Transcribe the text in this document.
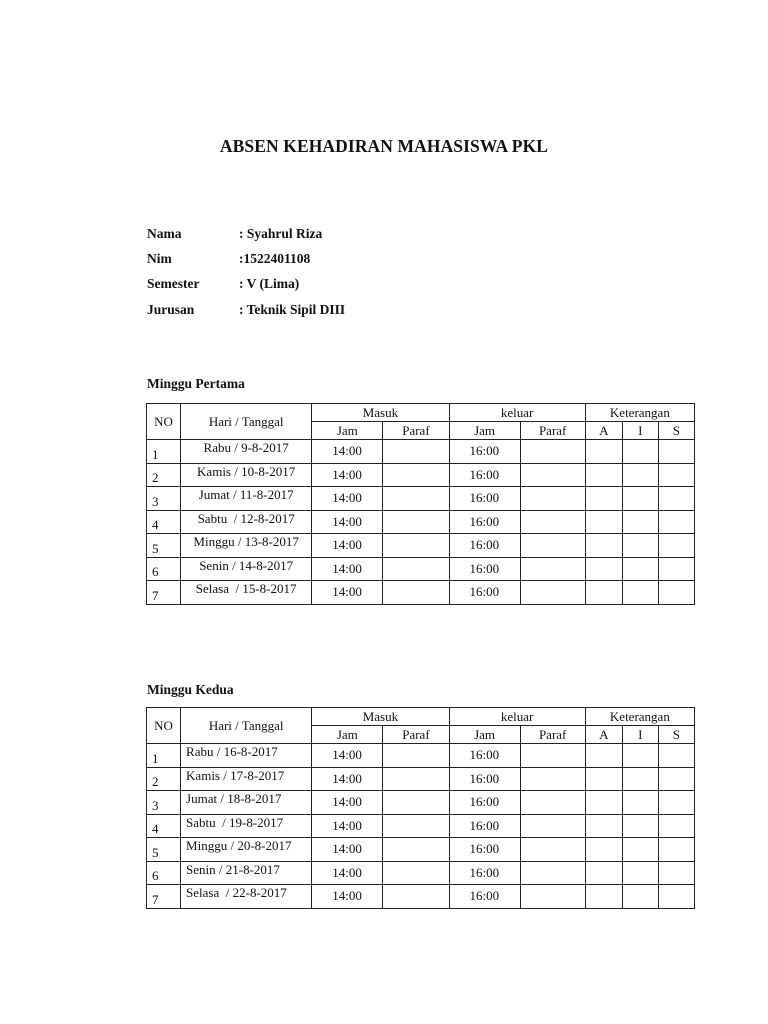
ABSEN KEHADIRAN MAHASISWA PKL
Nama	: Syahrul Riza
Nim	:1522401108
Semester	: V (Lima)
Jurusan	: Teknik Sipil DIII
Minggu Pertama
NO	Hari / Tanggal	Masuk		keluar		Keterangan		
		Jam	Paraf	Jam	Paraf	A	I	S
1	Rabu / 9-8-2017	14:00		16:00				
2	Kamis / 10-8-2017	14:00		16:00				
3	Jumat / 11-8-2017	14:00		16:00				
4	Sabtu  / 12-8-2017	14:00		16:00				
5	Minggu / 13-8-2017	14:00		16:00				
6	Senin / 14-8-2017	14:00		16:00				
7	Selasa  / 15-8-2017	14:00		16:00				
Minggu Kedua
NO	Hari / Tanggal	Masuk		keluar		Keterangan		
		Jam	Paraf	Jam	Paraf	A	I	S
1	Rabu / 16-8-2017	14:00		16:00				
2	Kamis / 17-8-2017	14:00		16:00				
3	Jumat / 18-8-2017	14:00		16:00				
4	Sabtu  / 19-8-2017	14:00		16:00				
5	Minggu / 20-8-2017	14:00		16:00				
6	Senin / 21-8-2017	14:00		16:00				
7	Selasa  / 22-8-2017	14:00		16:00				
